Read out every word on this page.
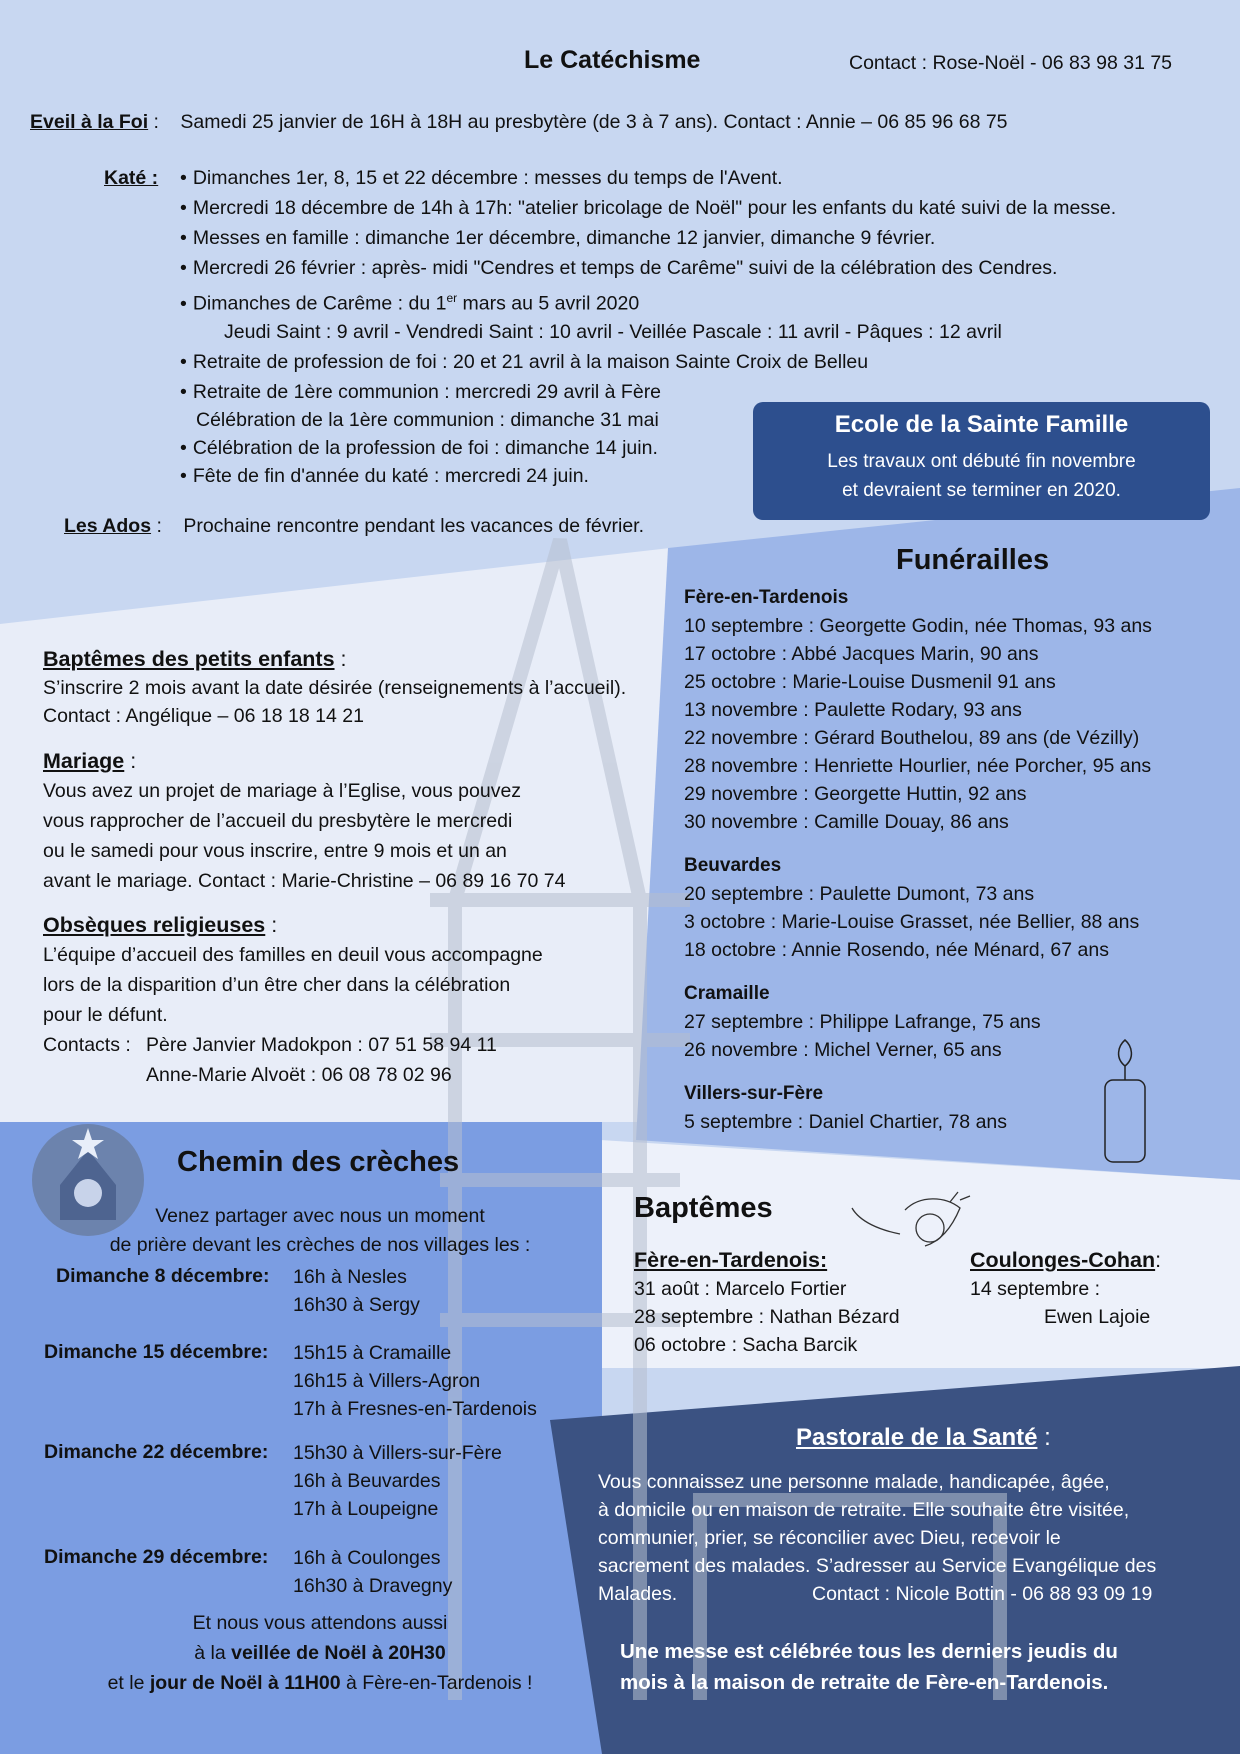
Le Catéchisme	Contact : Rose-Noël - 06 83 98 31 75
Eveil à la Foi : Samedi 25 janvier de 16H à 18H au presbytère (de 3 à 7 ans). Contact : Annie – 06 85 96 68 75
Katé :
•	Dimanches 1er, 8, 15 et 22 décembre : messes du temps de l'Avent.
• Mercredi 18 décembre de 14h à 17h: "atelier bricolage de Noël" pour les enfants du katé suivi de la messe.
• Messes en famille : dimanche 1er décembre, dimanche 12 janvier, dimanche 9 février.
• Mercredi 26 février : après- midi "Cendres et temps de Carême" suivi de la célébration des Cendres.
• Dimanches de Carême : du 1er mars au 5 avril 2020
Jeudi Saint : 9 avril - Vendredi Saint : 10 avril - Veillée Pascale : 11 avril - Pâques : 12 avril
• Retraite de profession de foi : 20 et 21 avril à la maison Sainte Croix de Belleu
• Retraite de 1ère communion : mercredi 29 avril à Fère
Célébration de la 1ère communion : dimanche 31 mai
• Célébration de la profession de foi : dimanche 14 juin.
• Fête de fin d'année du katé : mercredi 24 juin.
Les Ados : Prochaine rencontre pendant les vacances de février.
Ecole de la Sainte Famille

Les travaux ont débuté fin novembre
et devraient se terminer en 2020.

Funérailles
Fère-en-Tardenois
10 septembre : Georgette Godin, née Thomas, 93 ans
17 octobre : Abbé Jacques Marin, 90 ans
25 octobre : Marie-Louise Dusmenil 91 ans
13 novembre : Paulette Rodary, 93 ans
22 novembre : Gérard Bouthelou, 89 ans (de Vézilly)
28 novembre : Henriette Hourlier, née Porcher, 95 ans
29 novembre : Georgette Huttin, 92 ans
30 novembre : Camille Douay, 86 ans
Beuvardes
20 septembre : Paulette Dumont, 73 ans
3 octobre : Marie-Louise Grasset, née Bellier, 88 ans
18 octobre : Annie Rosendo, née Ménard, 67 ans
Cramaille
27 septembre : Philippe Lafrange, 75 ans
26 novembre : Michel Verner, 65 ans
Villers-sur-Fère
5 septembre : Daniel Chartier, 78 ans
Baptêmes des petits enfants :
S’inscrire 2 mois avant la date désirée (renseignements à l’accueil).
Contact : Angélique – 06 18 18 14 21
Mariage :
Vous avez un projet de mariage à l’Eglise, vous pouvez
vous rapprocher de l’accueil du presbytère le mercredi
ou le samedi pour vous inscrire, entre 9 mois et un an
avant le mariage. Contact : Marie-Christine – 06 89 16 70 74
Obsèques religieuses :
L’équipe d’accueil des familles en deuil vous accompagne
lors de la disparition d’un être cher dans la célébration
pour le défunt.
Contacts : Père Janvier Madokpon : 07 51 58 94 11
Anne-Marie Alvoët : 06 08 78 02 96
Chemin des crèches
Venez partager avec nous un moment
de prière devant les crèches de nos villages les :
Dimanche 8 décembre: 16h à Nesles
16h30 à Sergy
Dimanche 15 décembre: 15h15 à Cramaille
16h15 à Villers-Agron
17h à Fresnes-en-Tardenois
Dimanche 22 décembre: 15h30 à Villers-sur-Fère
16h à Beuvardes
17h à Loupeigne
Dimanche 29 décembre: 16h à Coulonges
16h30 à Dravegny
Et nous vous attendons aussi
à la veillée de Noël à 20H30
et le jour de Noël à 11H00 à Fère-en-Tardenois !
Baptêmes
Fère-en-Tardenois:
31 août : Marcelo Fortier
28 septembre : Nathan Bézard
06 octobre : Sacha Barcik
Coulonges-Cohan:
14 septembre :
Ewen Lajoie
Pastorale de la Santé :
Vous connaissez une personne malade, handicapée, âgée,
à domicile ou en maison de retraite. Elle souhaite être visitée,
communier, prier, se réconcilier avec Dieu, recevoir le
sacrement des malades. S’adresser au Service Evangélique des
Malades.	Contact : Nicole Bottin - 06 88 93 09 19
Une messe est célébrée tous les derniers jeudis du
mois à la maison de retraite de Fère-en-Tardenois.
